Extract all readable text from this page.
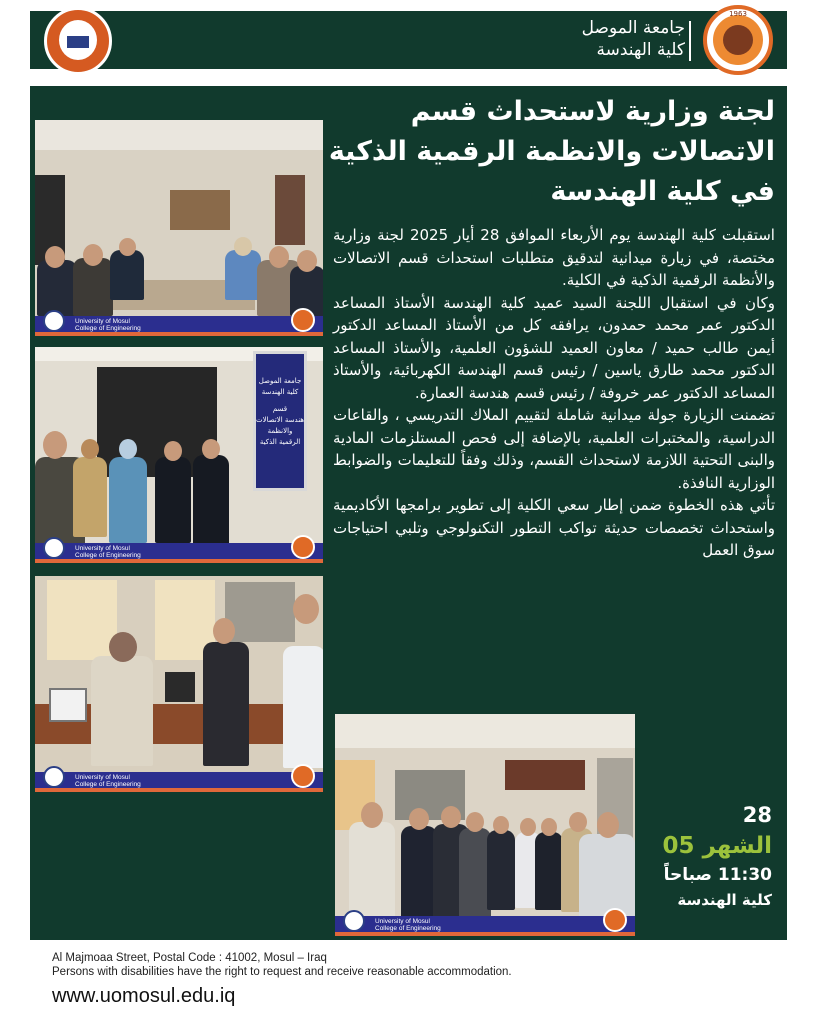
جامعة الموصل
كلية الهندسة
1963
University of Mosul
College of Engineering
جامعة الموصل
كلية الهندسة
قسم
هندسة الاتصالات
والانظمة الرقمية الذكية
University of Mosul
College of Engineering
University of Mosul
College of Engineering
لجنة وزارية لاستحداث قسم الاتصالات والانظمة الرقمية الذكية في كلية الهندسة

استقبلت كلية الهندسة يوم الأربعاء الموافق 28 أيار 2025 لجنة وزارية مختصة، في زيارة ميدانية لتدقيق متطلبات استحداث قسم الاتصالات والأنظمة الرقمية الذكية في الكلية.

وكان في استقبال اللجنة السيد عميد كلية الهندسة الأستاذ المساعد الدكتور عمر محمد حمدون، يرافقه كل من الأستاذ المساعد الدكتور أيمن طالب حميد / معاون العميد للشؤون العلمية، والأستاذ المساعد الدكتور محمد طارق ياسين / رئيس قسم الهندسة الكهربائية، والأستاذ المساعد الدكتور عمر خروفة / رئيس قسم هندسة العمارة.

تضمنت الزيارة جولة ميدانية شاملة لتقييم الملاك التدريسي ، والقاعات الدراسية، والمختبرات العلمية، بالإضافة إلى فحص المستلزمات المادية والبنى التحتية اللازمة لاستحداث القسم، وذلك وفقاً للتعليمات والضوابط الوزارية النافذة.

تأتي هذه الخطوة ضمن إطار سعي الكلية إلى تطوير برامجها الأكاديمية واستحداث تخصصات حديثة تواكب التطور التكنولوجي وتلبي احتياجات سوق العمل

University of Mosul
College of Engineering
28
الشهر 05
11:30 صباحاً
كلية الهندسة
Al Majmoaa Street, Postal Code : 41002, Mosul – Iraq
Persons with disabilities have the right to request and receive reasonable accommodation.
www.uomosul.edu.iq
